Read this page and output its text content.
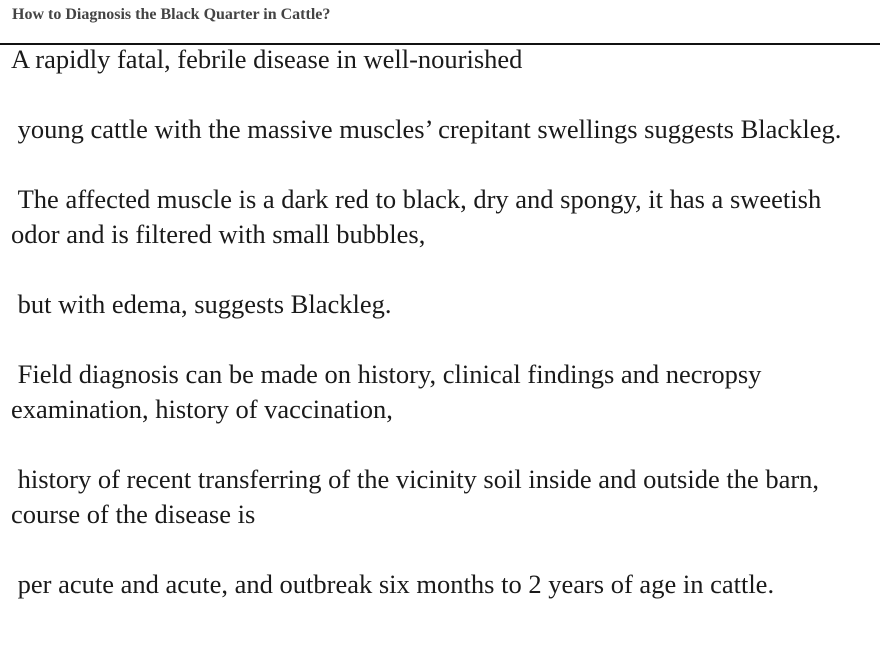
How to Diagnosis the Black Quarter in Cattle?

A rapidly fatal, febrile disease in well-nourished

young cattle with the massive muscles’ crepitant swellings suggests Blackleg.

The affected muscle is a dark red to black, dry and spongy, it has a sweetish odor and is filtered with small bubbles,

but with edema, suggests Blackleg.

Field diagnosis can be made on history, clinical findings and necropsy examination, history of vaccination,

history of recent transferring of the vicinity soil inside and outside the barn, course of the disease is

per acute and acute, and outbreak six months to 2 years of age in cattle.
